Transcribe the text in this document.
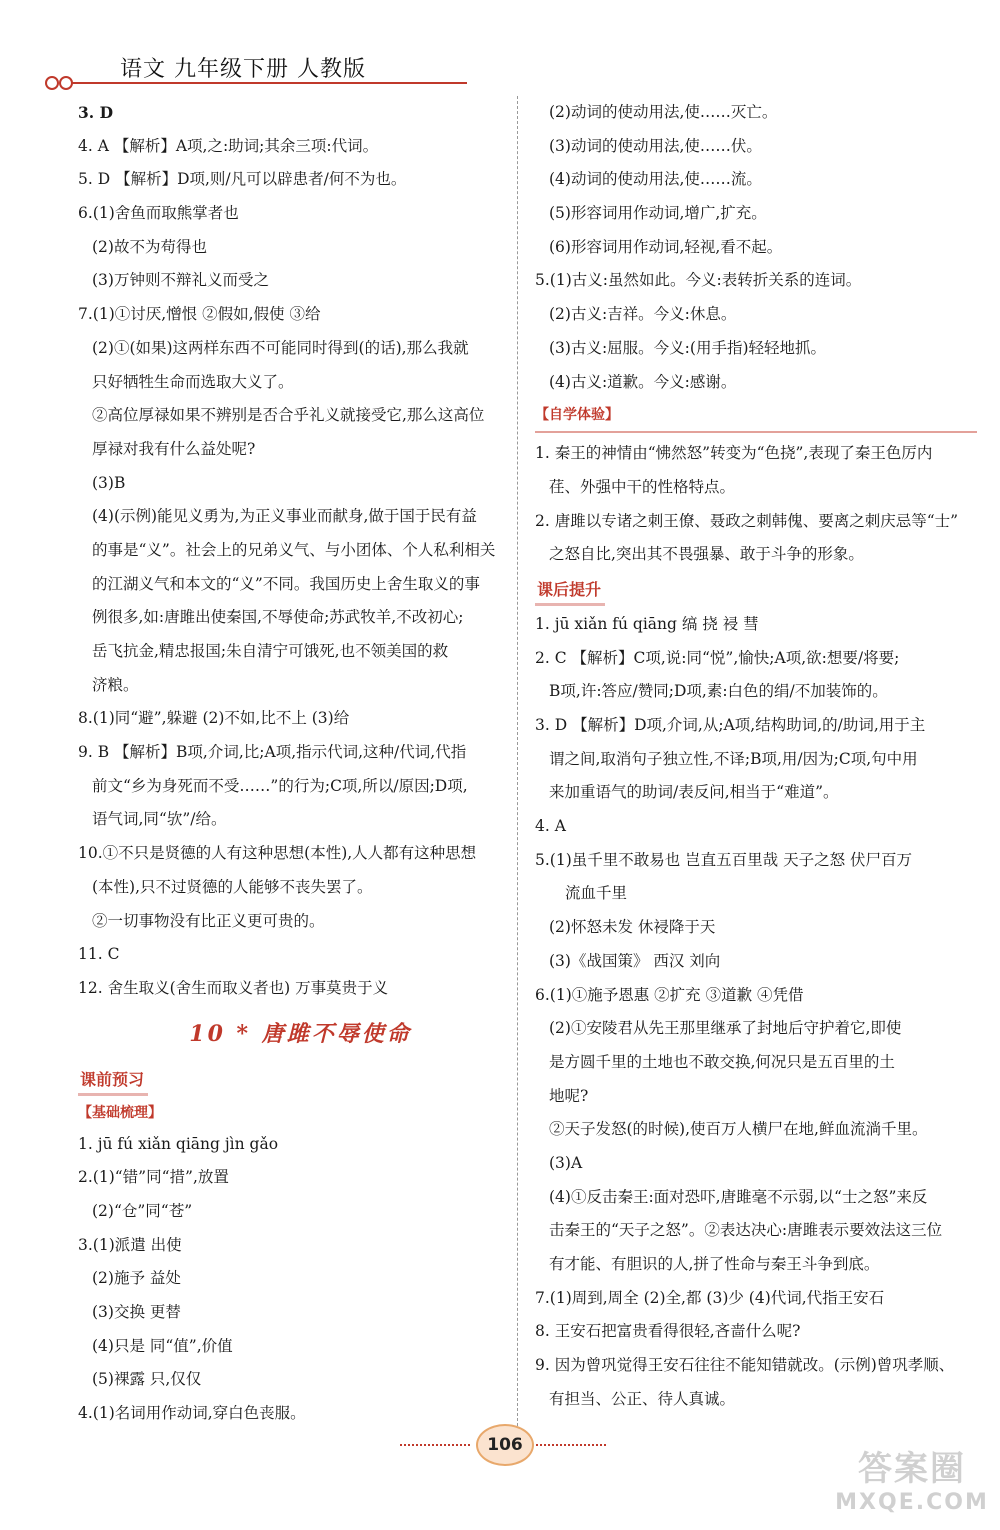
语文 九年级下册 人教版
3. D
4. A 【解析】A项,之:助词;其余三项:代词。
5. D 【解析】D项,则/凡可以辟患者/何不为也。
6.(1)舍鱼而取熊掌者也
(2)故不为苟得也
(3)万钟则不辩礼义而受之
7.(1)①讨厌,憎恨 ②假如,假使 ③给
(2)①(如果)这两样东西不可能同时得到(的话),那么我就
只好牺牲生命而选取大义了。
②高位厚禄如果不辨别是否合乎礼义就接受它,那么这高位
厚禄对我有什么益处呢?
(3)B
(4)(示例)能见义勇为,为正义事业而献身,做于国于民有益
的事是“义”。社会上的兄弟义气、与小团体、个人私利相关
的江湖义气和本文的“义”不同。我国历史上舍生取义的事
例很多,如:唐雎出使秦国,不辱使命;苏武牧羊,不改初心;
岳飞抗金,精忠报国;朱自清宁可饿死,也不领美国的救
济粮。
8.(1)同“避”,躲避 (2)不如,比不上 (3)给
9. B 【解析】B项,介词,比;A项,指示代词,这种/代词,代指
前文“乡为身死而不受……”的行为;C项,所以/原因;D项,
语气词,同“欤”/给。
10.①不只是贤德的人有这种思想(本性),人人都有这种思想
(本性),只不过贤德的人能够不丧失罢了。
②一切事物没有比正义更可贵的。
11. C
12. 舍生取义(舍生而取义者也) 万事莫贵于义
10 * 唐雎不辱使命
课前预习
【基础梳理】
1. jū fú xiǎn qiāng jìn gǎo
2.(1)“错”同“措”,放置
(2)“仓”同“苍”
3.(1)派遣 出使
(2)施予 益处
(3)交换 更替
(4)只是 同“值”,价值
(5)裸露 只,仅仅
4.(1)名词用作动词,穿白色丧服。
(2)动词的使动用法,使……灭亡。
(3)动词的使动用法,使……伏。
(4)动词的使动用法,使……流。
(5)形容词用作动词,增广,扩充。
(6)形容词用作动词,轻视,看不起。
5.(1)古义:虽然如此。今义:表转折关系的连词。
(2)古义:吉祥。今义:休息。
(3)古义:屈服。今义:(用手指)轻轻地抓。
(4)古义:道歉。今义:感谢。
【自学体验】
1. 秦王的神情由“怫然怒”转变为“色挠”,表现了秦王色厉内
荏、外强中干的性格特点。
2. 唐雎以专诸之刺王僚、聂政之刺韩傀、要离之刺庆忌等“士”
之怒自比,突出其不畏强暴、敢于斗争的形象。
课后提升
1. jū xiǎn fú qiāng 缟 挠 祲 彗
2. C 【解析】C项,说:同“悦”,愉快;A项,欲:想要/将要;
B项,许:答应/赞同;D项,素:白色的绢/不加装饰的。
3. D 【解析】D项,介词,从;A项,结构助词,的/助词,用于主
谓之间,取消句子独立性,不译;B项,用/因为;C项,句中用
来加重语气的助词/表反问,相当于“难道”。
4. A
5.(1)虽千里不敢易也 岂直五百里哉 天子之怒 伏尸百万
流血千里
(2)怀怒未发 休祲降于天
(3)《战国策》 西汉 刘向
6.(1)①施予恩惠 ②扩充 ③道歉 ④凭借
(2)①安陵君从先王那里继承了封地后守护着它,即使
是方圆千里的土地也不敢交换,何况只是五百里的土
地呢?
②天子发怒(的时候),使百万人横尸在地,鲜血流淌千里。
(3)A
(4)①反击秦王:面对恐吓,唐雎毫不示弱,以“士之怒”来反
击秦王的“天子之怒”。②表达决心:唐雎表示要效法这三位
有才能、有胆识的人,拼了性命与秦王斗争到底。
7.(1)周到,周全 (2)全,都 (3)少 (4)代词,代指王安石
8. 王安石把富贵看得很轻,吝啬什么呢?
9. 因为曾巩觉得王安石往往不能知错就改。(示例)曾巩孝顺、
有担当、公正、待人真诚。
106
答案圈
MXQE.COM
